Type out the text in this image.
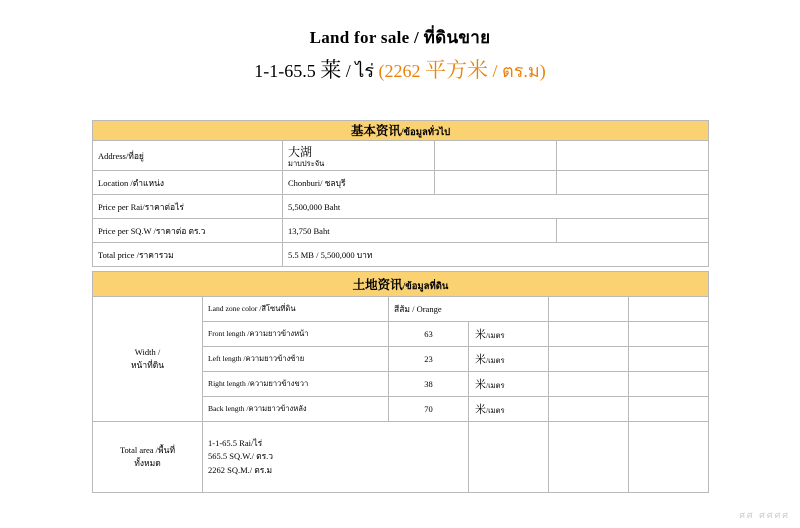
Land for sale / ที่ดินขาย
1-1-65.5 莱 / ไร่ (2262 平方米 / ตร.ม)
基本资讯/ข้อมูลทั่วไป			
Address/ที่อยู่	大湖
มาบประจัน		

Location /ตำแหน่ง	Chonburi/ ชลบุรี		
Price per Rai/ราคาต่อไร่	5,500,000 Baht		
Price per SQ.W /ราคาต่อ ตร.ว	13,750 Baht		
Total price /ราคารวม	5.5 MB / 5,500,000 บาท		
土地资讯/ข้อมูลที่ดิน					

Width /
หน้าที่ดิน	Land zone color /สีโซนที่ดิน	สีส้ม / Orange			
	Front length /ความยาวข้างหน้า	63	米/เมตร		
	Left length /ความยาวข้างซ้าย	23	米/เมตร		
	Right length /ความยาวข้างขวา	38	米/เมตร		
	Back length /ความยาวข้างหลัง	70	米/เมตร		

Total area /พื้นที่
ทั้งหมด

1-1-65.5 Rai/ไร่
565.5 SQ.W./ ตร.ว
2262 SQ.M./ ตร.ม

ศศ ศศศศ
